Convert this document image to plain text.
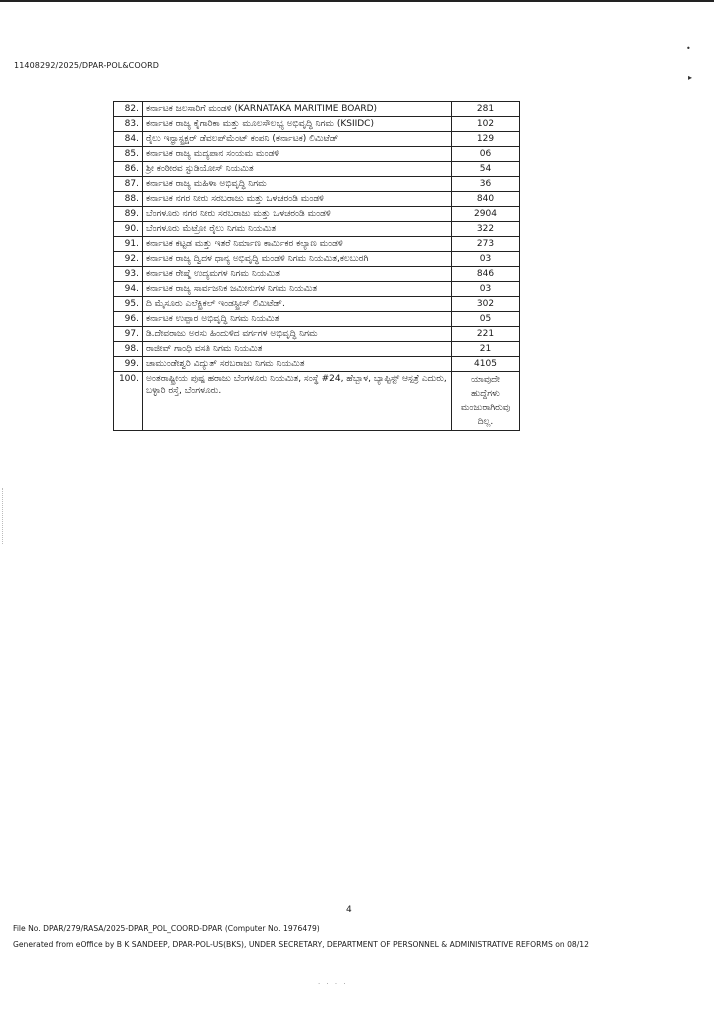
11408292/2025/DPAR-POL&COORD
•
▸
82.	ಕರ್ನಾಟಕ ಜಲಸಾರಿಗೆ ಮಂಡಳಿ (KARNATAKA MARITIME BOARD)	281
83.	ಕರ್ನಾಟಕ ರಾಜ್ಯ ಕೈಗಾರಿಕಾ ಮತ್ತು ಮೂಲಸೌಲಭ್ಯ ಅಭಿವೃದ್ಧಿ ನಿಗಮ (KSIIDC)	102
84.	ರೈಲು ಇನ್ಫ್ರಾಸ್ಟ್ರಕ್ಚರ್ ಡೆವಲಪ್‌ಮೆಂಟ್ ಕಂಪನಿ (ಕರ್ನಾಟಕ) ಲಿಮಿಟೆಡ್	129
85.	ಕರ್ನಾಟಕ ರಾಜ್ಯ ಮದ್ಯಪಾನ ಸಂಯಮ ಮಂಡಳಿ	06
86.	ಶ್ರೀ ಕಂಠೀರವ ಸ್ಟುಡಿಯೋಸ್ ನಿಯಮಿತ	54
87.	ಕರ್ನಾಟಕ ರಾಜ್ಯ ಮಹಿಳಾ ಅಭಿವೃದ್ಧಿ ನಿಗಮ	36
88.	ಕರ್ನಾಟಕ ನಗರ ನೀರು ಸರಬರಾಜು ಮತ್ತು ಒಳಚರಂಡಿ ಮಂಡಳಿ	840
89.	ಬೆಂಗಳೂರು ನಗರ ನೀರು ಸರಬರಾಜು ಮತ್ತು ಒಳಚರಂಡಿ ಮಂಡಳಿ	2904
90.	ಬೆಂಗಳೂರು ಮೆಟ್ರೋ ರೈಲು ನಿಗಮ ನಿಯಮಿತ	322
91.	ಕರ್ನಾಟಕ ಕಟ್ಟಡ ಮತ್ತು ಇತರೆ ನಿರ್ಮಾಣ ಕಾರ್ಮಿಕರ ಕಲ್ಯಾಣ ಮಂಡಳಿ	273
92.	ಕರ್ನಾಟಕ ರಾಜ್ಯ ದ್ವಿದಳ ಧಾನ್ಯ ಅಭಿವೃದ್ಧಿ ಮಂಡಳಿ ನಿಗಮ ನಿಯಮಿತ,ಕಲಬುರಗಿ	03
93.	ಕರ್ನಾಟಕ ರೇಷ್ಮೆ ಉದ್ಯಮಗಳ ನಿಗಮ ನಿಯಮಿತ	846
94.	ಕರ್ನಾಟಕ ರಾಜ್ಯ ಸಾರ್ವಜನಿಕ ಜಮೀನುಗಳ ನಿಗಮ ನಿಯಮಿತ	03
95.	ದಿ ಮೈಸೂರು ಎಲೆಕ್ಟ್ರಿಕಲ್ ಇಂಡಸ್ಟ್ರೀಸ್ ಲಿಮಿಟೆಡ್.	302
96.	ಕರ್ನಾಟಕ ಉಪ್ಪಾರ ಅಭಿವೃದ್ಧಿ ನಿಗಮ ನಿಯಮಿತ	05
97.	ಡಿ.ದೇವರಾಜು ಅರಸು ಹಿಂದುಳಿದ ವರ್ಗಗಳ ಅಭಿವೃದ್ಧಿ ನಿಗಮ	221
98.	ರಾಜೀವ್ ಗಾಂಧಿ ವಸತಿ ನಿಗಮ ನಿಯಮಿತ	21
99.	ಚಾಮುಂಡೇಶ್ವರಿ ವಿದ್ಯುತ್ ಸರಬರಾಜು ನಿಗಮ ನಿಯಮಿತ	4105
100.	ಅಂತರಾಷ್ಟ್ರೀಯ ಪುಷ್ಪ ಹರಾಜು ಬೆಂಗಳೂರು ನಿಯಮಿತ, ಸಂಸ್ಥೆ #24, ಹೆಬ್ಬಾಳ, ಬ್ಯಾಪ್ಟಿಸ್ಟ್ ಆಸ್ಪತ್ರೆ ಎದುರು, ಬಳ್ಳಾರಿ ರಸ್ತೆ, ಬೆಂಗಳೂರು.	ಯಾವುದೇ
ಹುದ್ದೆಗಳು
ಮಂಜುರಾಗಿರುವು
ದಿಲ್ಲ.
4
File No. DPAR/279/RASA/2025-DPAR_POL_COORD-DPAR (Computer No. 1976479)
Generated from eOffice by B K SANDEEP, DPAR-POL-US(BKS), UNDER SECRETARY, DEPARTMENT OF PERSONNEL & ADMINISTRATIVE REFORMS on 08/12
· · · ·
